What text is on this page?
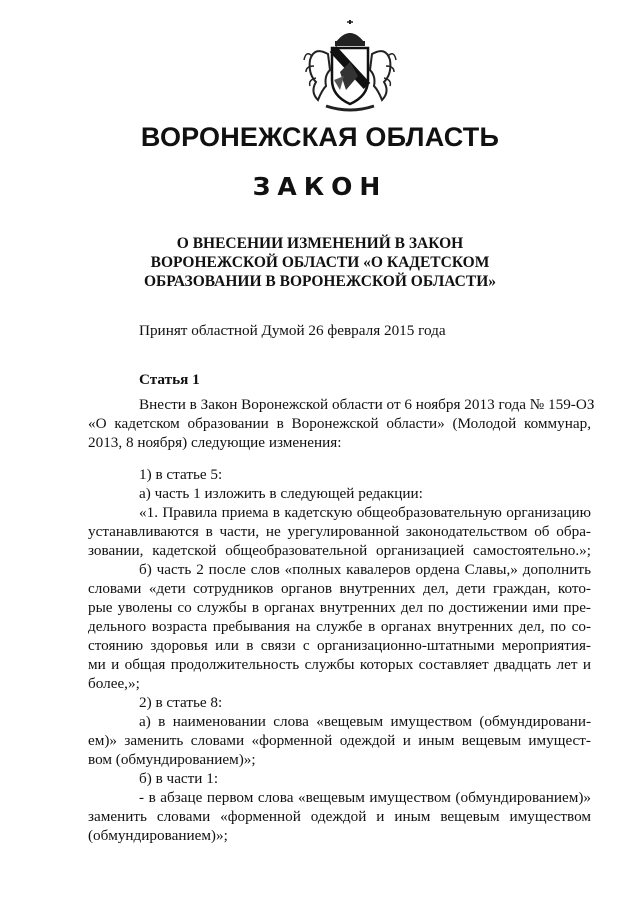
ВОРОНЕЖСКАЯ ОБЛАСТЬ
ЗАКОН
О ВНЕСЕНИИ ИЗМЕНЕНИЙ В ЗАКОН
ВОРОНЕЖСКОЙ ОБЛАСТИ «О КАДЕТСКОМ
ОБРАЗОВАНИИ В ВОРОНЕЖСКОЙ ОБЛАСТИ»
Принят областной Думой 26 февраля 2015 года
Статья 1
Внести в Закон Воронежской области от 6 ноября 2013 года № 159-ОЗ
«О кадетском образовании в Воронежской области» (Молодой коммунар,
2013, 8 ноября) следующие изменения:
1) в статье 5:
а) часть 1 изложить в следующей редакции:
«1. Правила приема в кадетскую общеобразовательную организацию
устанавливаются в части, не урегулированной законодательством об обра-
зовании, кадетской общеобразовательной организацией самостоятельно.»;
б) часть 2 после слов «полных кавалеров ордена Славы,» дополнить
словами «дети сотрудников органов внутренних дел, дети граждан, кото-
рые уволены со службы в органах внутренних дел по достижении ими пре-
дельного возраста пребывания на службе в органах внутренних дел, по со-
стоянию здоровья или в связи с организационно-штатными мероприятия-
ми и общая продолжительность службы которых составляет двадцать лет и
более,»;
2) в статье 8:
а) в наименовании слова «вещевым имуществом (обмундировани-
ем)» заменить словами «форменной одеждой и иным вещевым имущест-
вом (обмундированием)»;
б) в части 1:
- в абзаце первом слова «вещевым имуществом (обмундированием)»
заменить словами «форменной одеждой и иным вещевым имуществом
(обмундированием)»;
